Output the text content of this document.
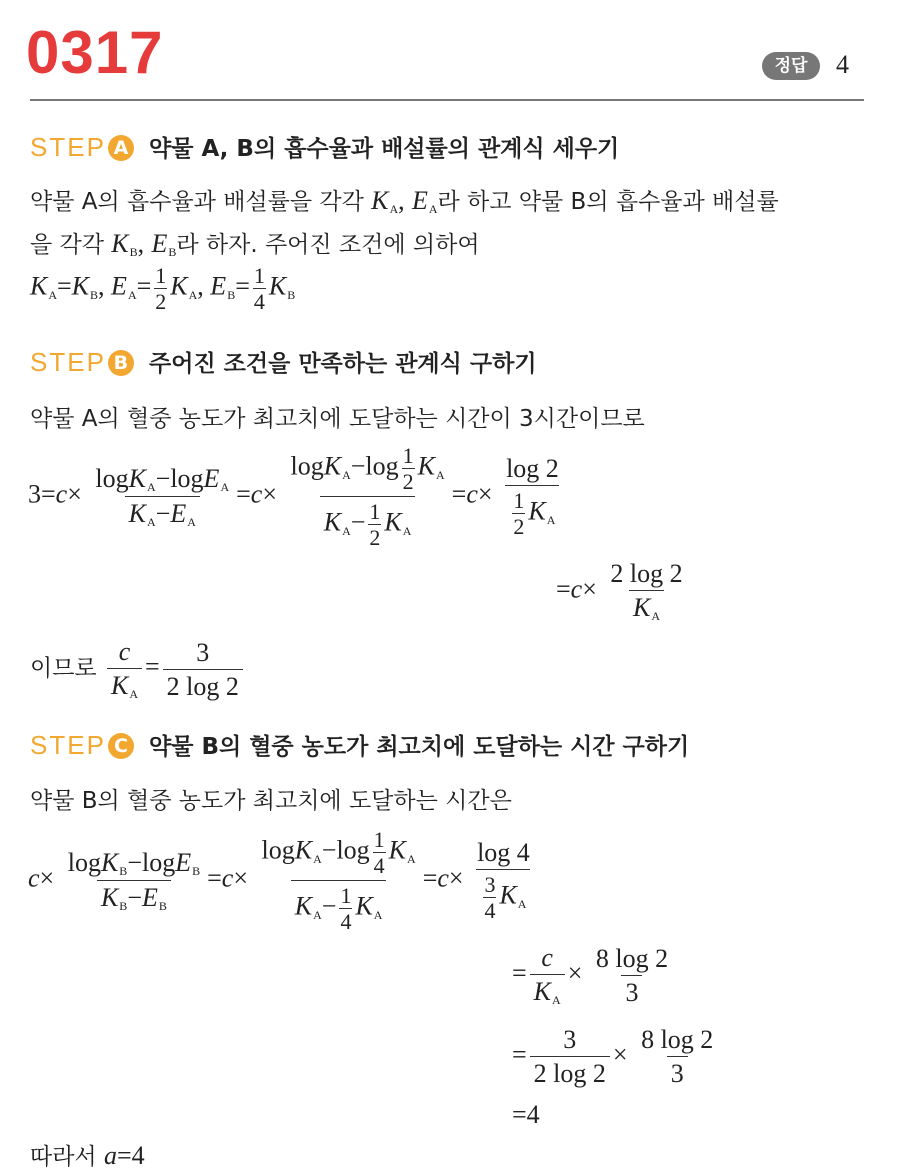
0317	정답	4
STEP A 약물 A, B의 흡수율과 배설률의 관계식 세우기
약물 A의 흡수율과 배설률을 각각 $K_A$, $E_A$라 하고 약물 B의 흡수율과 배설률
을 각각 $K_B$, $E_B$라 하자. 주어진 조건에 의하여
$K_A=K_B$, $E_A= \frac{1}{2} K_A$, $E_B= \frac{1}{4} K_B$
STEP B 주어진 조건을 만족하는 관계식 구하기
약물 A의 혈중 농도가 최고치에 도달하는 시간이 3시간이므로
$3=c\times \frac{\log K_A-\log E_A}{K_A-E_A} =c\times \frac{\log K_A-\log \frac{1}{2} K_A}{K_A- \frac{1}{2} K_A} =c\times \frac{\log 2}{\frac{1}{2} K_A}$
$=c\times \frac{2 \log 2}{K_A}$
이므로 $\frac{c}{K_A} = \frac{3}{2 \log 2}$
STEP C 약물 B의 혈중 농도가 최고치에 도달하는 시간 구하기
약물 B의 혈중 농도가 최고치에 도달하는 시간은
$c\times \frac{\log K_B-\log E_B}{K_B-E_B} =c\times \frac{\log K_A-\log \frac{1}{4} K_A}{K_A- \frac{1}{4} K_A} =c\times \frac{\log 4}{\frac{3}{4} K_A}$
= $\frac{c}{K_A} \times \frac{8 \log 2}{3}$
= $\frac{3}{2 \log 2} \times \frac{8 \log 2}{3}$
=4
따라서 a=4
